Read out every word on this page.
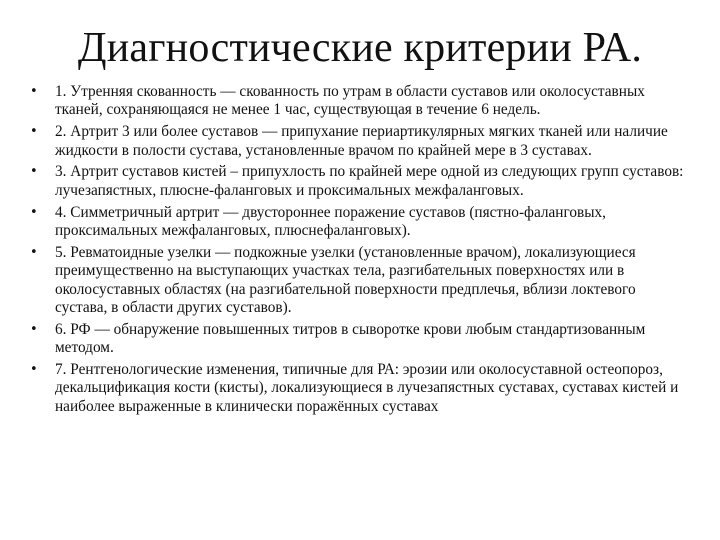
Диагностические критерии РА.
• 1. Утренняя скованность — скованность по утрам в области суставов или околосуставных тканей, сохраняющаяся не менее 1 час, существующая в течение 6 недель.
• 2. Артрит 3 или более суставов — припухание периартикулярных мягких тканей или наличие жидкости в полости сустава, установленные врачом по крайней мере в 3 суставах.
• 3. Артрит суставов кистей – припухлость по крайней мере одной из следующих групп суставов: лучезапястных, плюсне-фаланговых и проксимальных межфаланговых.
• 4. Симметричный артрит — двустороннее поражение суставов (пястно-фаланговых, проксимальных межфаланговых, плюснефаланговых).
• 5. Ревматоидные узелки — подкожные узелки (установленные врачом), локализующиеся преимущественно на выступающих участках тела, разгибательных поверхностях или в околосуставных областях (на разгибательной поверхности предплечья, вблизи локтевого сустава, в области других суставов).
• 6. РФ — обнаружение повышенных титров в сыворотке крови любым стандартизованным методом.
• 7. Рентгенологические изменения, типичные для РА: эрозии или околосуставной остеопороз, декальцификация кости (кисты), локализующиеся в лучезапястных суставах, суставах кистей и наиболее выраженные в клинически поражённых суставах
